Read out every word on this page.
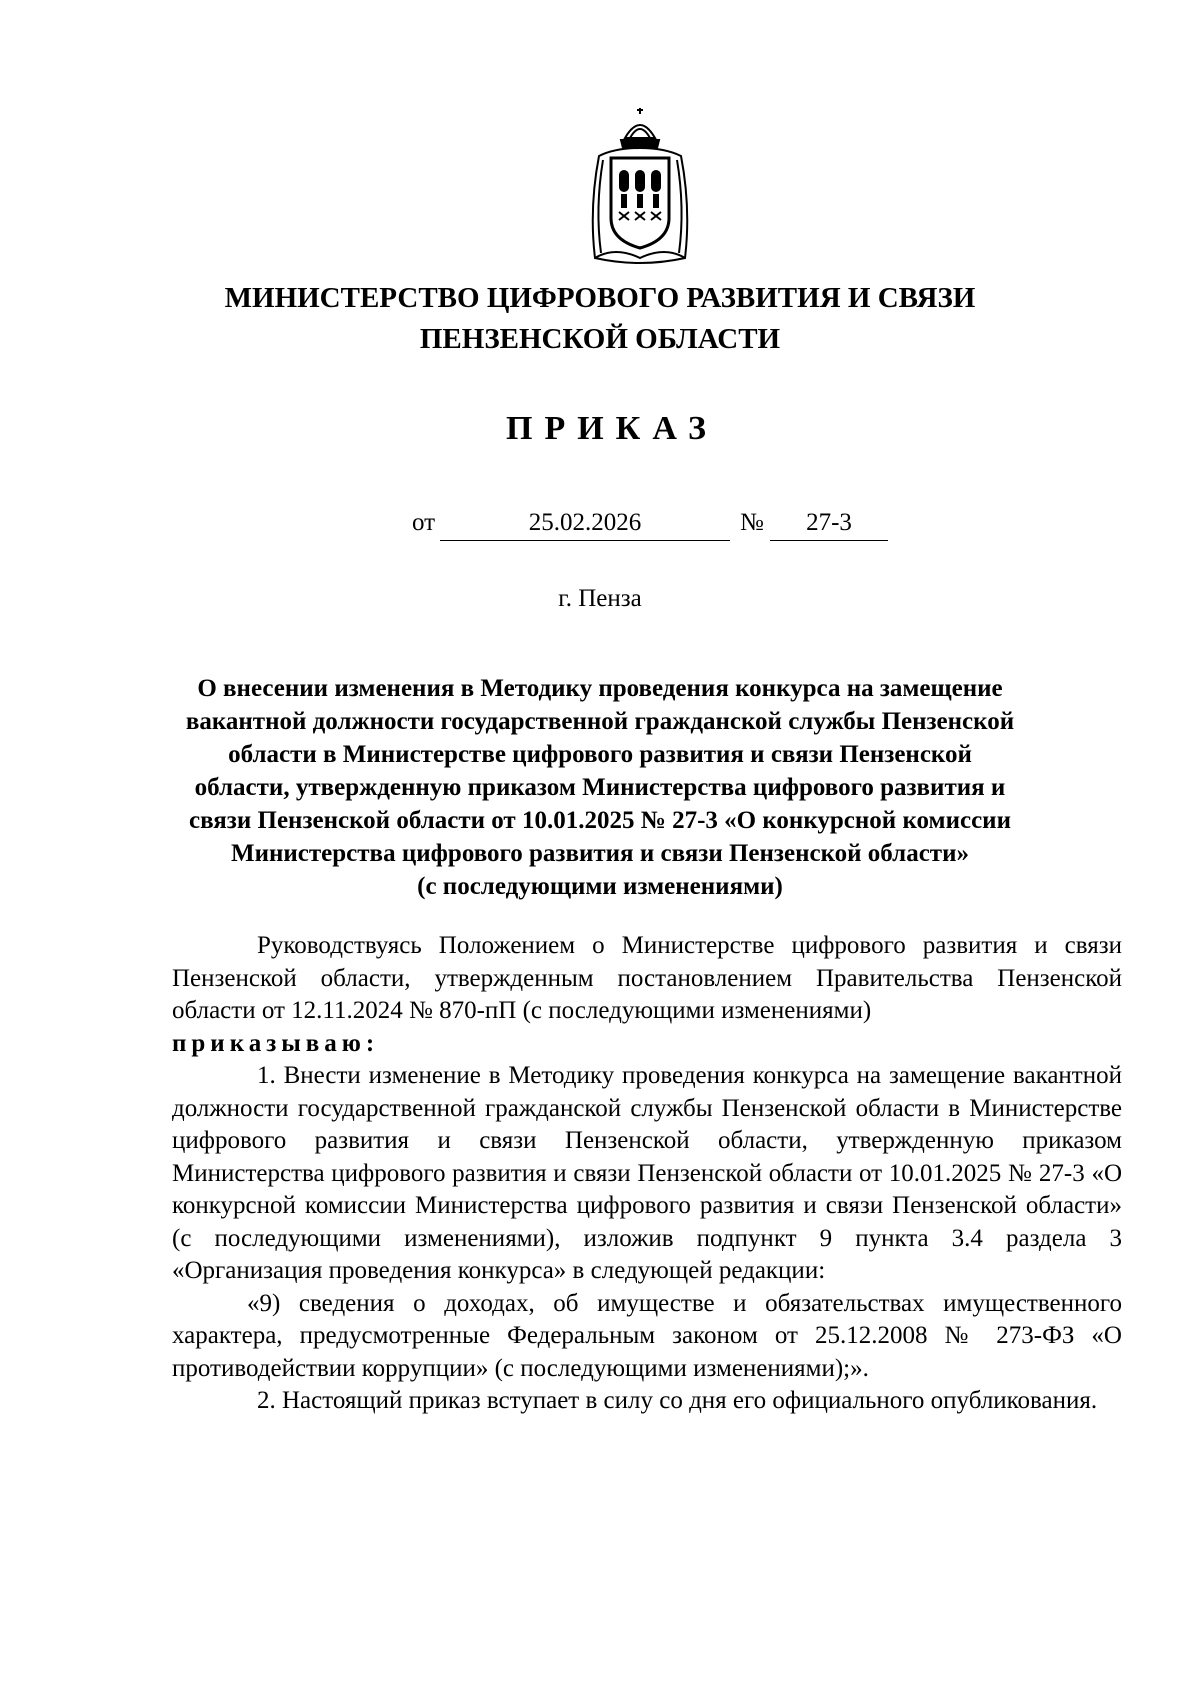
МИНИСТЕРСТВО ЦИФРОВОГО РАЗВИТИЯ И СВЯЗИ
ПЕНЗЕНСКОЙ ОБЛАСТИ
ПРИКАЗ
от	25.02.2026	№	27-3
г. Пенза
О внесении изменения в Методику проведения конкурса на замещение
вакантной должности государственной гражданской службы Пензенской
области в Министерстве цифрового развития и связи Пензенской
области, утвержденную приказом Министерства цифрового развития и
связи Пензенской области от 10.01.2025 № 27-3 «О конкурсной комиссии
Министерства цифрового развития и связи Пензенской области»
(с последующими изменениями)

Руководствуясь Положением о Министерстве цифрового развития и связи Пензенской области, утвержденным постановлением Правительства Пензенской области от 12.11.2024 № 870-пП (с последующими изменениями)

приказываю:

1. Внести изменение в Методику проведения конкурса на замещение вакантной должности государственной гражданской службы Пензенской области в Министерстве цифрового развития и связи Пензенской области, утвержденную приказом Министерства цифрового развития и связи Пензенской области от 10.01.2025 № 27-3 «О конкурсной комиссии Министерства цифрового развития и связи Пензенской области» (с последующими изменениями), изложив подпункт 9 пункта 3.4 раздела 3 «Организация проведения конкурса» в следующей редакции:

«9) сведения о доходах, об имуществе и обязательствах имущественного характера, предусмотренные Федеральным законом от 25.12.2008 № 273-ФЗ «О противодействии коррупции» (с последующими изменениями);».

2. Настоящий приказ вступает в силу со дня его официального опубликования.
